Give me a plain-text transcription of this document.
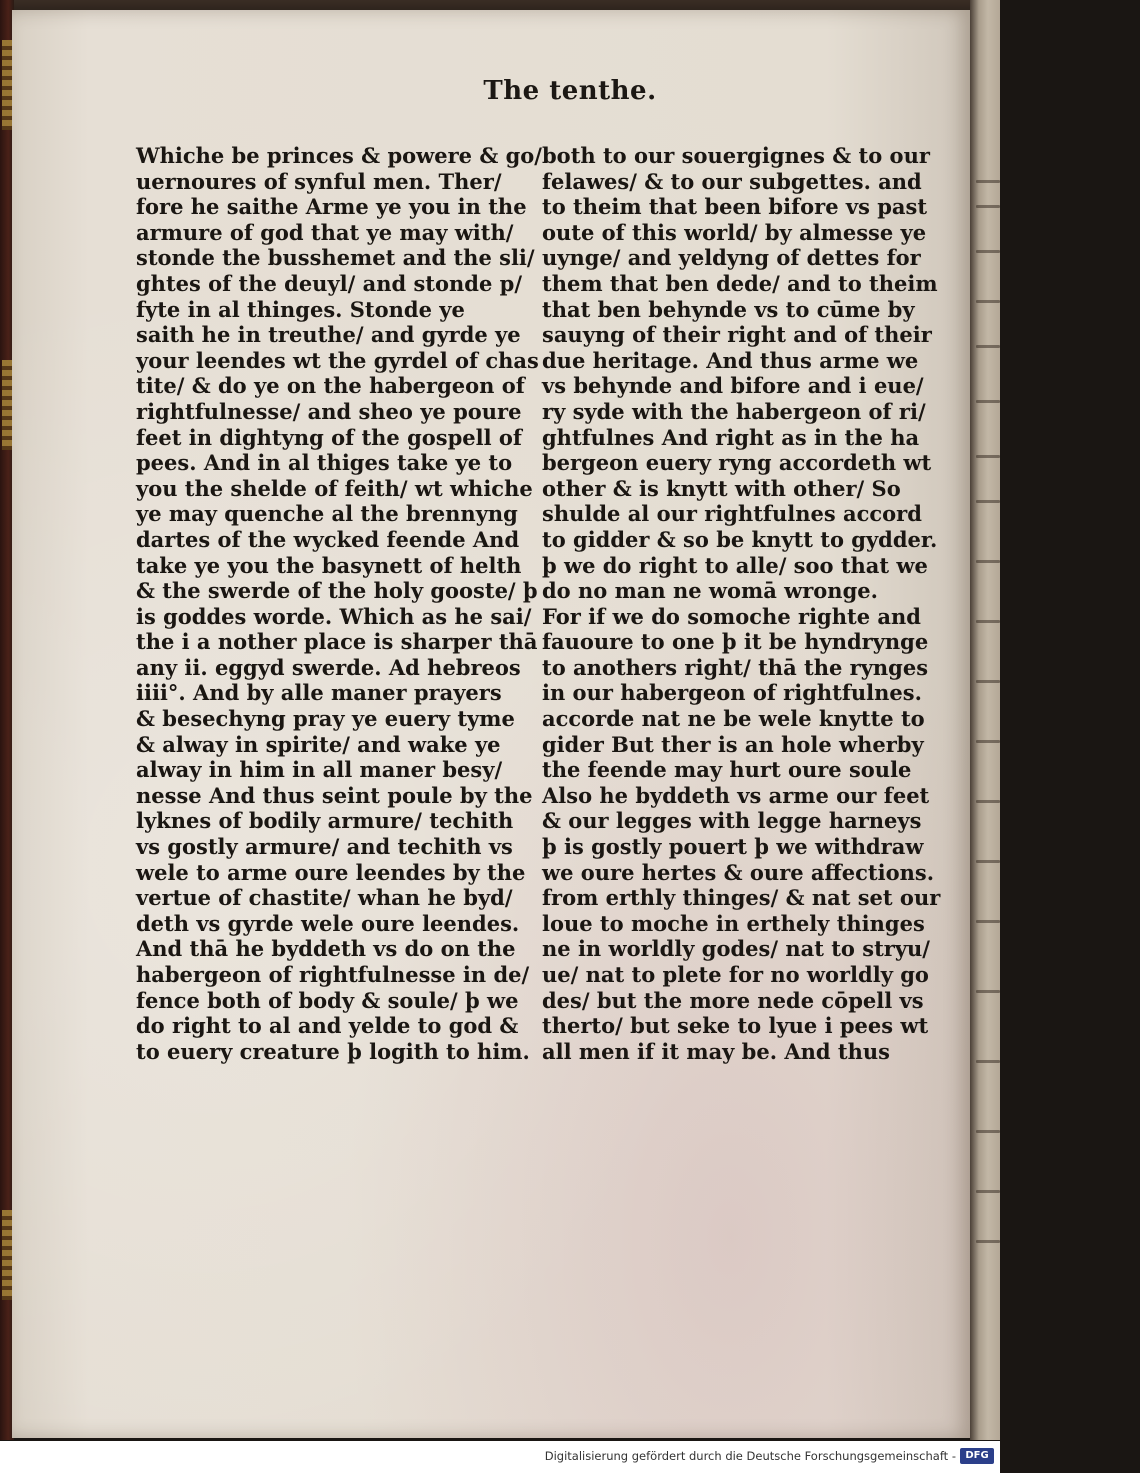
The tenthe.
Whiche be princes & powere & go/
uernoures of synful men. Ther/
fore he saithe Arme ye you in the
armure of god that ye may with/
stonde the busshemet and the sli/
ghtes of the deuyl/ and stonde p/
fyte in al thinges. Stonde ye
saith he in treuthe/ and gyrde ye
your leendes wt the gyrdel of chas
tite/ & do ye on the habergeon of
rightfulnesse/ and sheo ye poure
feet in dightyng of the gospell of
pees. And in al thiges take ye to
you the shelde of feith/ wt whiche
ye may quenche al the brennyng
dartes of the wycked feende And
take ye you the basynett of helth
& the swerde of the holy gooste/ þ
is goddes worde. Which as he sai/
the i a nother place is sharper thā
any ii. eggyd swerde. Ad hebreos
iiii°. And by alle maner prayers
& besechyng pray ye euery tyme
& alway in spirite/ and wake ye
alway in him in all maner besy/
nesse And thus seint poule by the
lyknes of bodily armure/ techith
vs gostly armure/ and techith vs
wele to arme oure leendes by the
vertue of chastite/ whan he byd/
deth vs gyrde wele oure leendes.
And thā he byddeth vs do on the
habergeon of rightfulnesse in de/
fence both of body & soule/ þ we
do right to al and yelde to god &
to euery creature þ logith to him.
both to our souergignes & to our
felawes/ & to our subgettes. and
to theim that been bifore vs past
oute of this world/ by almesse ye
uynge/ and yeldyng of dettes for
them that ben dede/ and to theim
that ben behynde vs to cūme by
sauyng of their right and of their
due heritage. And thus arme we
vs behynde and bifore and i eue/
ry syde with the habergeon of ri/
ghtfulnes And right as in the ha
bergeon euery ryng accordeth wt
other & is knytt with other/ So
shulde al our rightfulnes accord
to gidder & so be knytt to gydder.
þ we do right to alle/ soo that we
do no man ne womā wronge.
For if we do somoche righte and
fauoure to one þ it be hyndrynge
to anothers right/ thā the rynges
in our habergeon of rightfulnes.
accorde nat ne be wele knytte to
gider But ther is an hole wherby
the feende may hurt oure soule
Also he byddeth vs arme our feet
& our legges with legge harneys
þ is gostly pouert þ we withdraw
we oure hertes & oure affections.
from erthly thinges/ & nat set our
loue to moche in erthely thinges
ne in worldly godes/ nat to stryu/
ue/ nat to plete for no worldly go
des/ but the more nede cōpell vs
therto/ but seke to lyue i pees wt
all men if it may be. And thus
Digitalisierung gefördert durch die Deutsche Forschungsgemeinschaft - DFG
